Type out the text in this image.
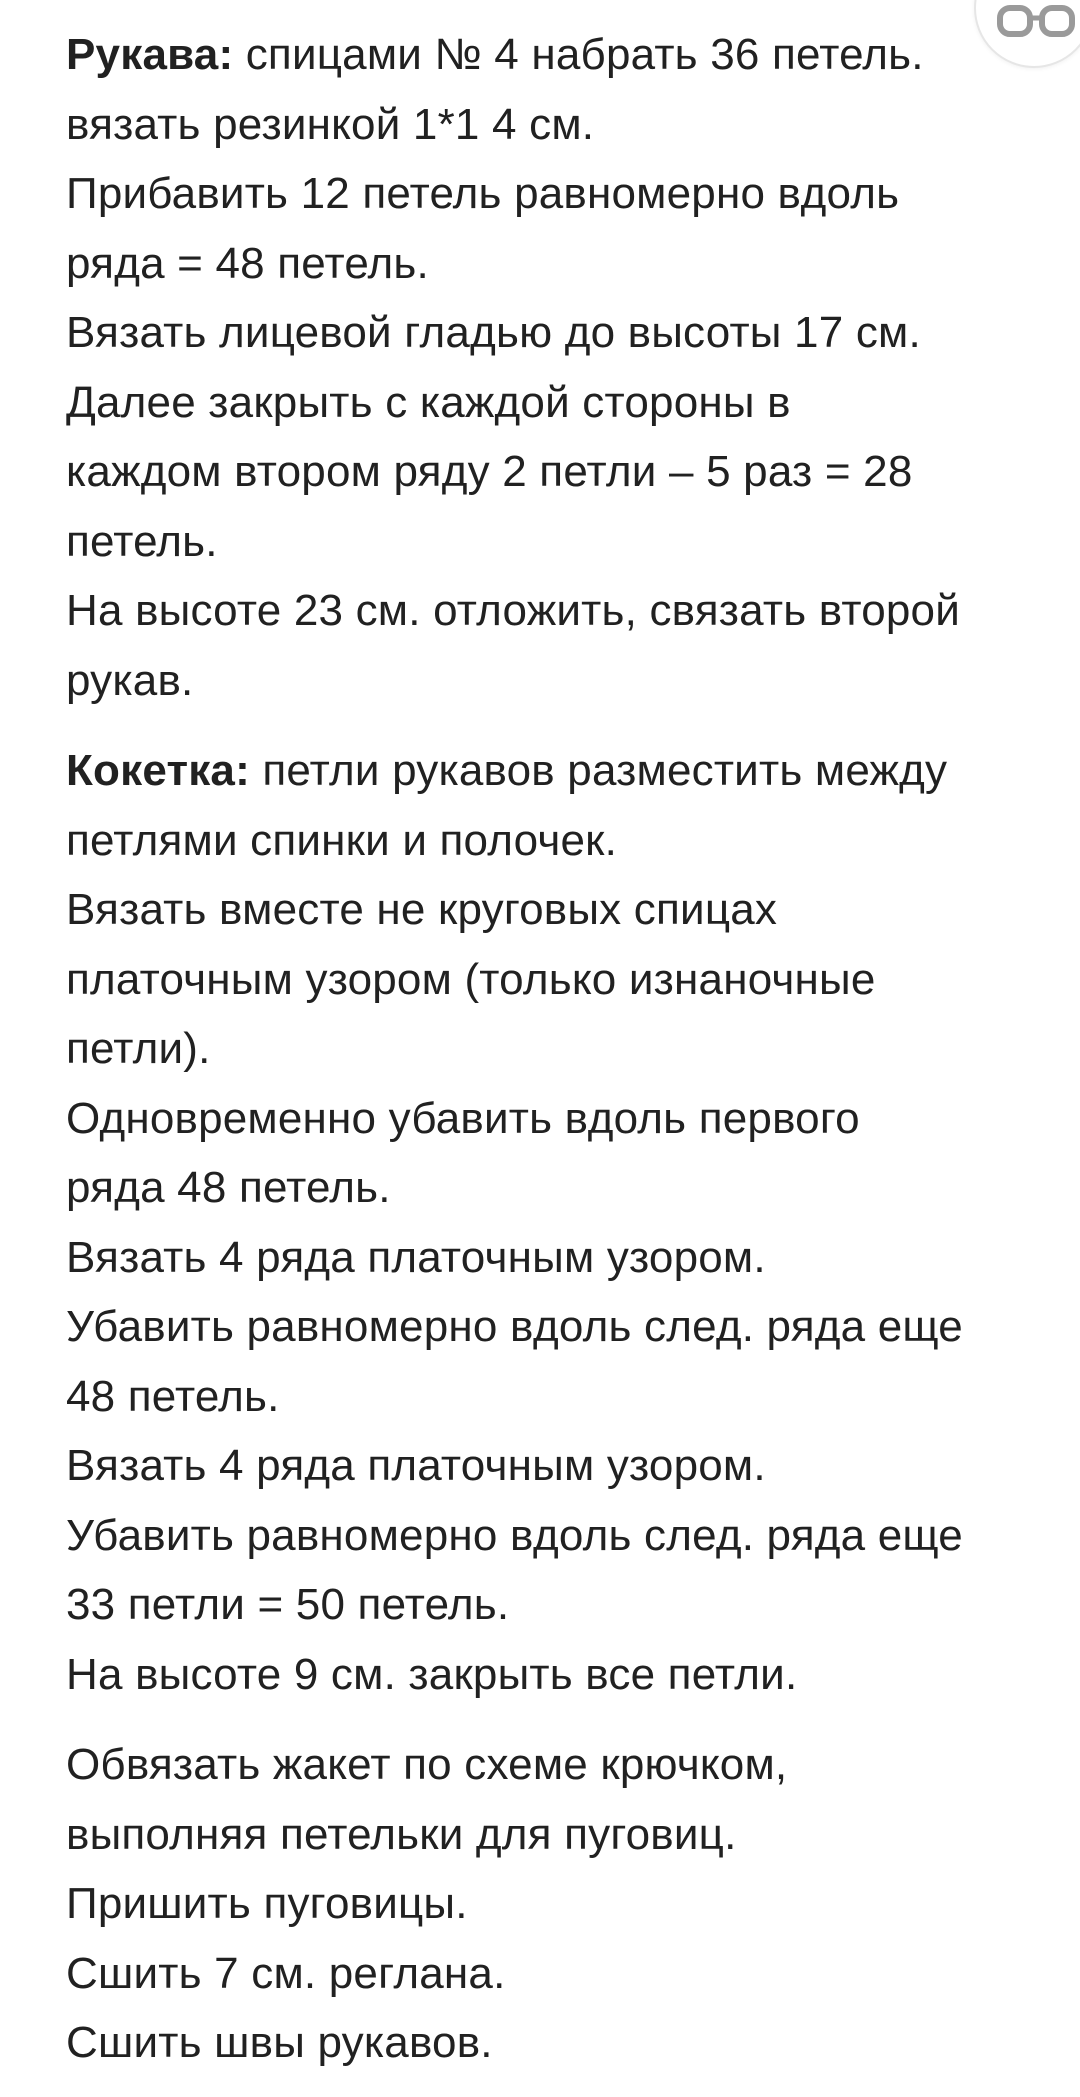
Рукава: спицами № 4 набрать 36 петель.
вязать резинкой 1*1 4 см.
Прибавить 12 петель равномерно вдоль
ряда = 48 петель.
Вязать лицевой гладью до высоты 17 см.
Далее закрыть с каждой стороны в
каждом втором ряду 2 петли – 5 раз = 28
петель.
На высоте 23 см. отложить, связать второй
рукав.
Кокетка: петли рукавов разместить между
петлями спинки и полочек.
Вязать вместе не круговых спицах
платочным узором (только изнаночные
петли).
Одновременно убавить вдоль первого
ряда 48 петель.
Вязать 4 ряда платочным узором.
Убавить равномерно вдоль след. ряда еще
48 петель.
Вязать 4 ряда платочным узором.
Убавить равномерно вдоль след. ряда еще
33 петли = 50 петель.
На высоте 9 см. закрыть все петли.
Обвязать жакет по схеме крючком,
выполняя петельки для пуговиц.
Пришить пуговицы.
Сшить 7 см. реглана.
Сшить швы рукавов.
